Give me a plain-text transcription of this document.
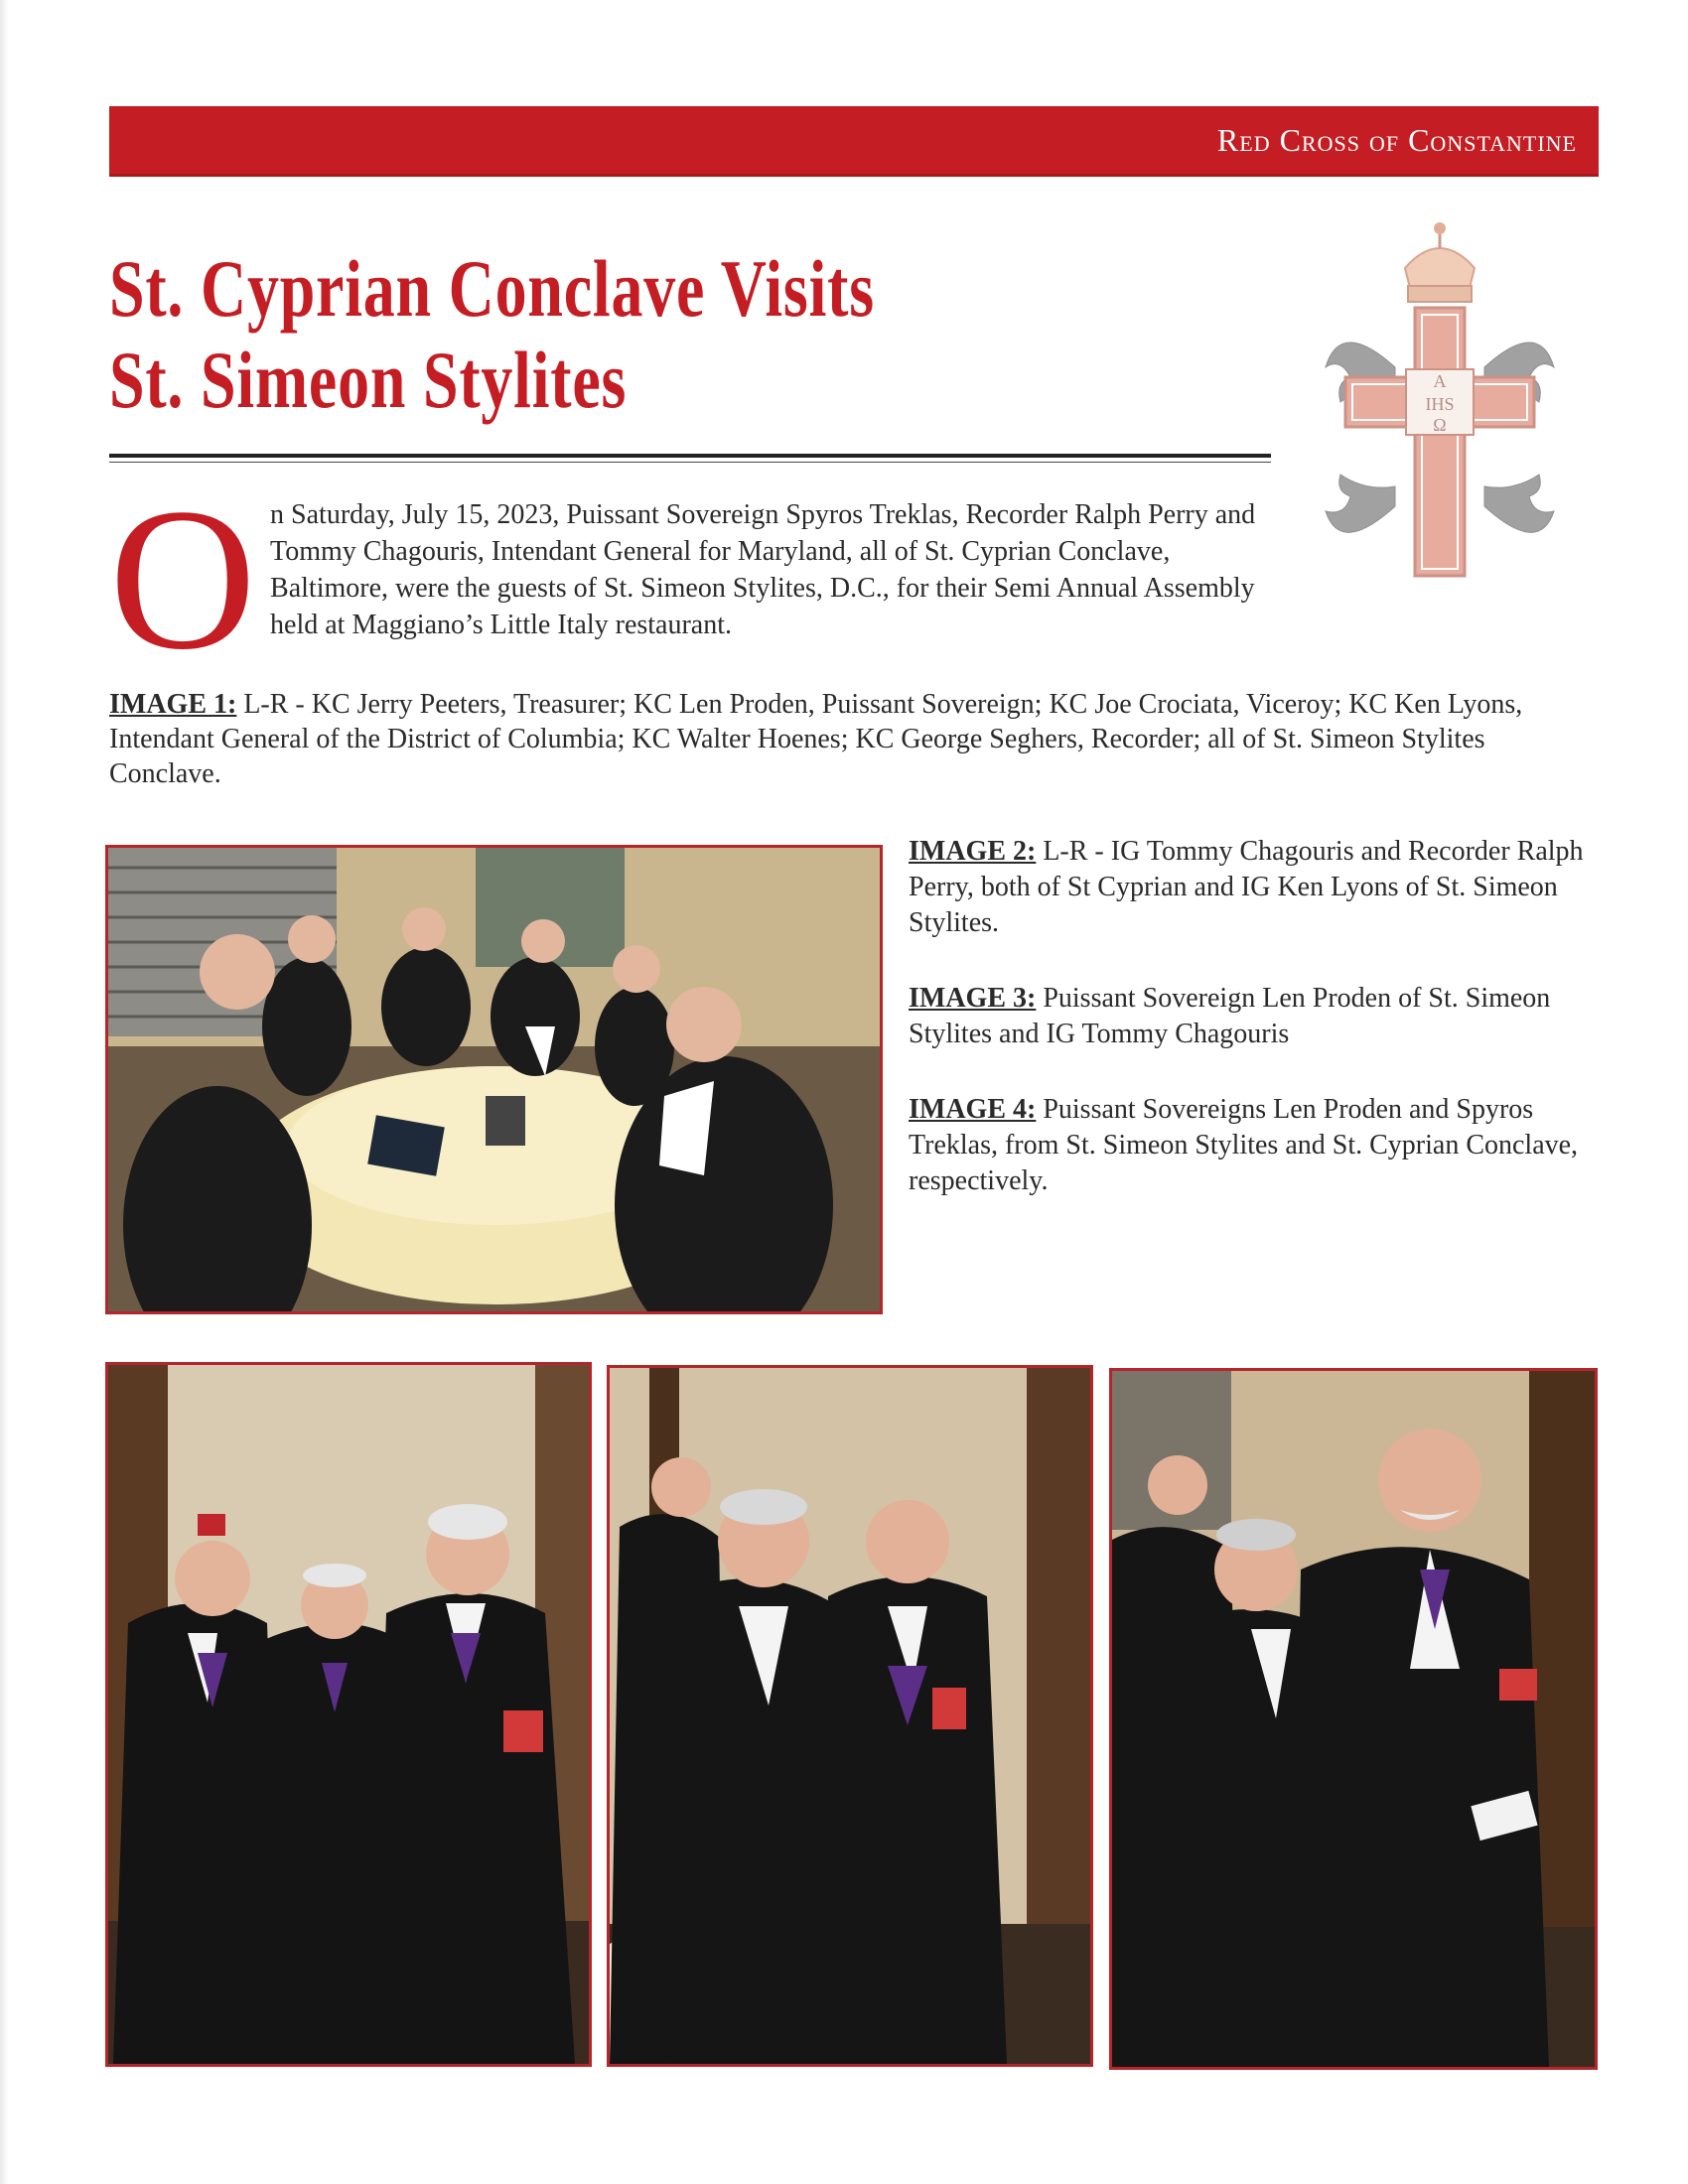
Red Cross of Constantine
St. Cyprian Conclave Visits
St. Simeon Stylites	A
IHS
Ω
O n Saturday, July 15, 2023, Puissant Sovereign Spyros Treklas, Recorder Ralph Perry and Tommy Chagouris, Intendant General for Maryland, all of St. Cyprian Conclave, Baltimore, were the guests of St. Simeon Stylites, D.C., for their Semi Annual Assembly held at Maggiano’s Little Italy restaurant.
IMAGE 1: L-R - KC Jerry Peeters, Treasurer; KC Len Proden, Puissant Sovereign; KC Joe Crociata, Viceroy; KC Ken Lyons, Intendant General of the District of Columbia; KC Walter Hoenes; KC George Seghers, Recorder; all of St. Simeon Stylites Conclave.

IMAGE 2: L-R - IG Tommy Chagouris and Recorder Ralph Perry, both of St Cyprian and IG Ken Lyons of St. Simeon Stylites.

IMAGE 3: Puissant Sovereign Len Proden of St. Simeon Stylites and IG Tommy Chagouris

IMAGE 4: Puissant Sovereigns Len Proden and Spyros Treklas, from St. Simeon Stylites and St. Cyprian Conclave, respectively.
